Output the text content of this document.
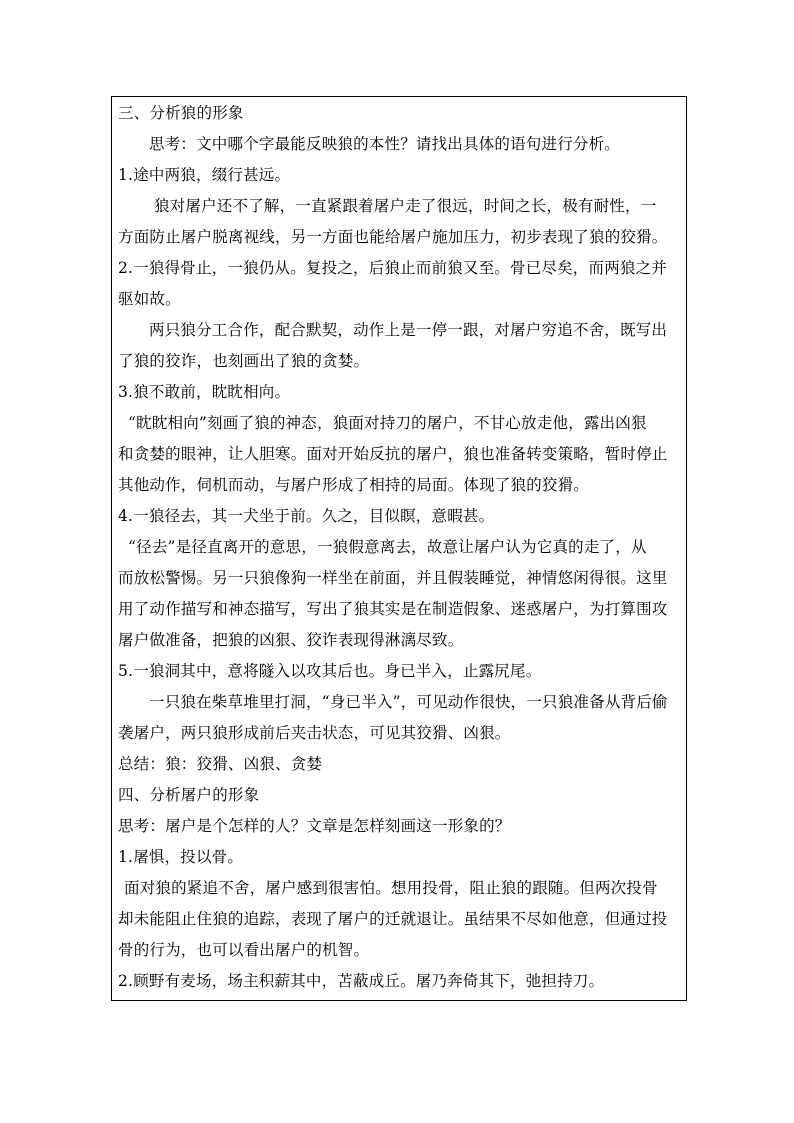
三、分析狼的形象

思考：文中哪个字最能反映狼的本性？请找出具体的语句进行分析。

1.途中两狼，缀行甚远。

狼对屠户还不了解，一直紧跟着屠户走了很远，时间之长，极有耐性，一

方面防止屠户脱离视线，另一方面也能给屠户施加压力，初步表现了狼的狡猾。

2.一狼得骨止，一狼仍从。复投之，后狼止而前狼又至。骨已尽矣，而两狼之并

驱如故。

两只狼分工合作，配合默契，动作上是一停一跟，对屠户穷追不舍，既写出

了狼的狡诈，也刻画出了狼的贪婪。

3.狼不敢前，眈眈相向。

“眈眈相向”刻画了狼的神态，狼面对持刀的屠户，不甘心放走他，露出凶狠

和贪婪的眼神，让人胆寒。面对开始反抗的屠户，狼也准备转变策略，暂时停止

其他动作，伺机而动，与屠户形成了相持的局面。体现了狼的狡猾。

4.一狼径去，其一犬坐于前。久之，目似瞑，意暇甚。

“径去”是径直离开的意思，一狼假意离去，故意让屠户认为它真的走了，从

而放松警惕。另一只狼像狗一样坐在前面，并且假装睡觉，神情悠闲得很。这里

用了动作描写和神态描写，写出了狼其实是在制造假象、迷惑屠户，为打算围攻

屠户做准备，把狼的凶狠、狡诈表现得淋漓尽致。

5.一狼洞其中，意将隧入以攻其后也。身已半入，止露尻尾。

一只狼在柴草堆里打洞，“身已半入”，可见动作很快，一只狼准备从背后偷

袭屠户，两只狼形成前后夹击状态，可见其狡猾、凶狠。

总结：狼：狡猾、凶狠、贪婪

四、分析屠户的形象

思考：屠户是个怎样的人？文章是怎样刻画这一形象的？

1.屠惧，投以骨。

面对狼的紧追不舍，屠户感到很害怕。想用投骨，阻止狼的跟随。但两次投骨

却未能阻止住狼的追踪，表现了屠户的迁就退让。虽结果不尽如他意，但通过投

骨的行为，也可以看出屠户的机智。

2.顾野有麦场，场主积薪其中，苫蔽成丘。屠乃奔倚其下，弛担持刀。
